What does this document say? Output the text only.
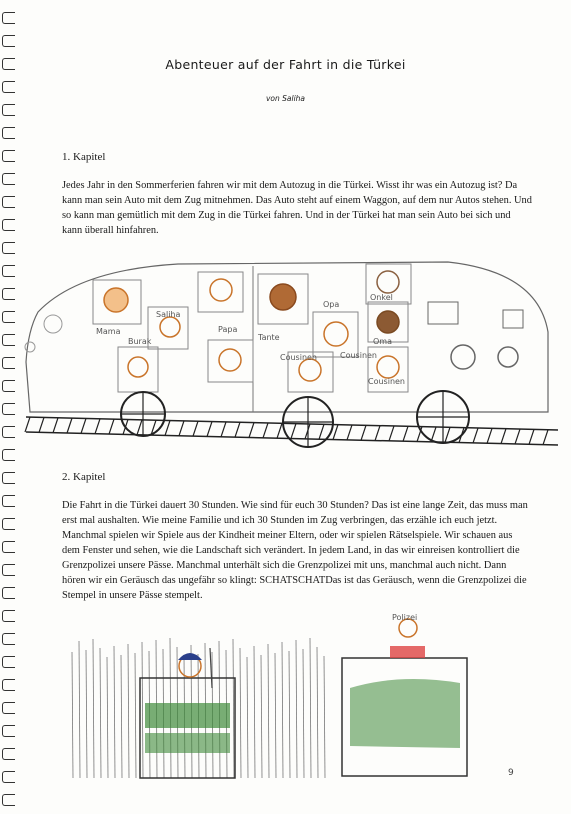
Abenteuer auf der Fahrt in die Türkei
von Saliha
1. Kapitel
Jedes Jahr in den Sommerferien fahren wir mit dem Autozug in die Türkei. Wisst ihr was ein Autozug ist? Da kann man sein Auto mit dem Zug mitnehmen. Das Auto steht auf einem Waggon, auf dem nur Autos stehen. Und so kann man gemütlich mit dem Zug in die Türkei fahren. Und in der Türkei hat man sein Auto bei sich und kann überall hinfahren.
Mama
Saliha
Papa
Burak	Tante
Opa
Onkel
Oma
Cousinen	Cousinen
Cousinen
2. Kapitel
Die Fahrt in die Türkei dauert 30 Stunden. Wie sind für euch 30 Stunden? Das ist eine lange Zeit, das muss man erst mal aushalten. Wie meine Familie und ich 30 Stunden im Zug verbringen, das erzähle ich euch jetzt. Manchmal spielen wir Spiele aus der Kindheit meiner Eltern, oder wir spielen Rätselspiele. Wir schauen aus dem Fenster und sehen, wie die Landschaft sich verändert. In jedem Land, in das wir einreisen kontrolliert die Grenzpolizei unsere Pässe. Manchmal unterhält sich die Grenzpolizei mit uns, manchmal auch nicht. Dann hören wir ein Geräusch das ungefähr so klingt: SCHATSCHATDas ist das Geräusch, wenn die Grenzpolizei die Stempel in unsere Pässe stempelt.
Polizei
9
